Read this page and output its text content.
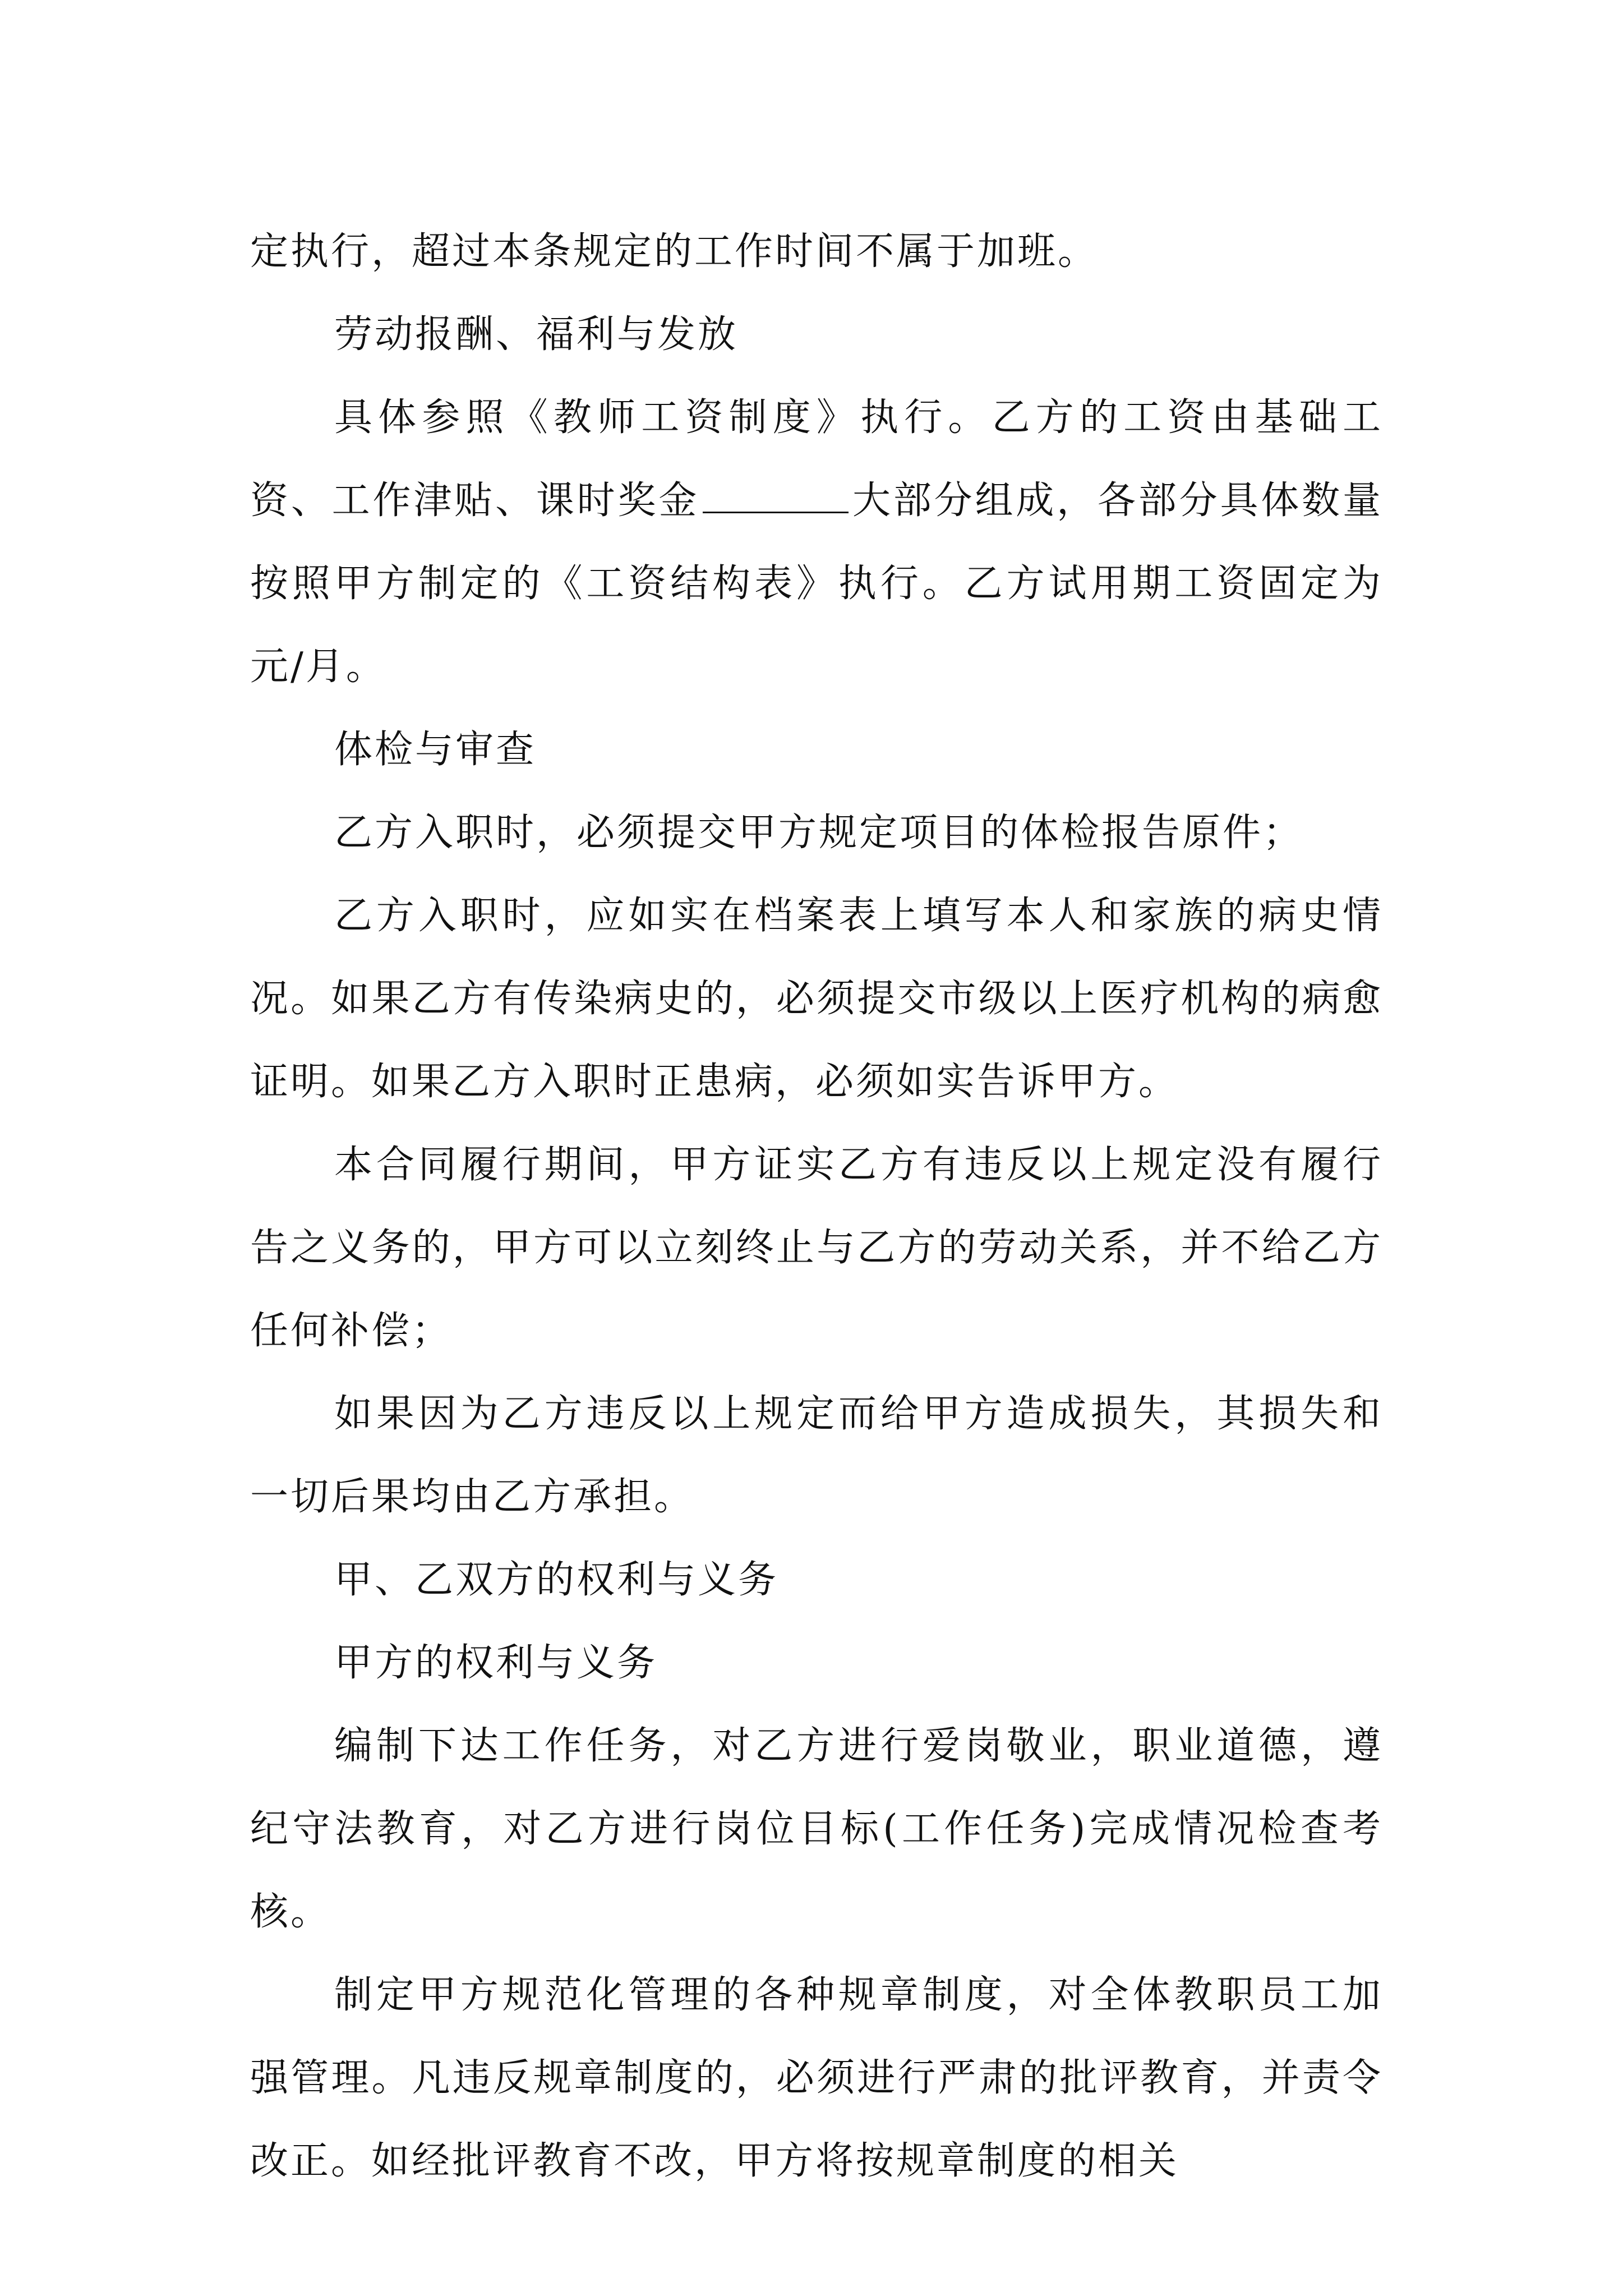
定执行，超过本条规定的工作时间不属于加班。

劳动报酬、福利与发放

具体参照《教师工资制度》执行。乙方的工资由基础工资、工作津贴、课时奖金	大部分组成，各部分具体数量按照甲方制定的《工资结构表》执行。乙方试用期工资固定为 元/月。

体检与审查

乙方入职时，必须提交甲方规定项目的体检报告原件；

乙方入职时，应如实在档案表上填写本人和家族的病史情况。如果乙方有传染病史的，必须提交市级以上医疗机构的病愈证明。如果乙方入职时正患病，必须如实告诉甲方。

本合同履行期间，甲方证实乙方有违反以上规定没有履行告之义务的，甲方可以立刻终止与乙方的劳动关系，并不给乙方任何补偿；

如果因为乙方违反以上规定而给甲方造成损失，其损失和一切后果均由乙方承担。

甲、乙双方的权利与义务

甲方的权利与义务

编制下达工作任务，对乙方进行爱岗敬业，职业道德，遵纪守法教育，对乙方进行岗位目标(工作任务)完成情况检查考核。

制定甲方规范化管理的各种规章制度，对全体教职员工加强管理。凡违反规章制度的，必须进行严肃的批评教育，并责令改正。如经批评教育不改，甲方将按规章制度的相关
